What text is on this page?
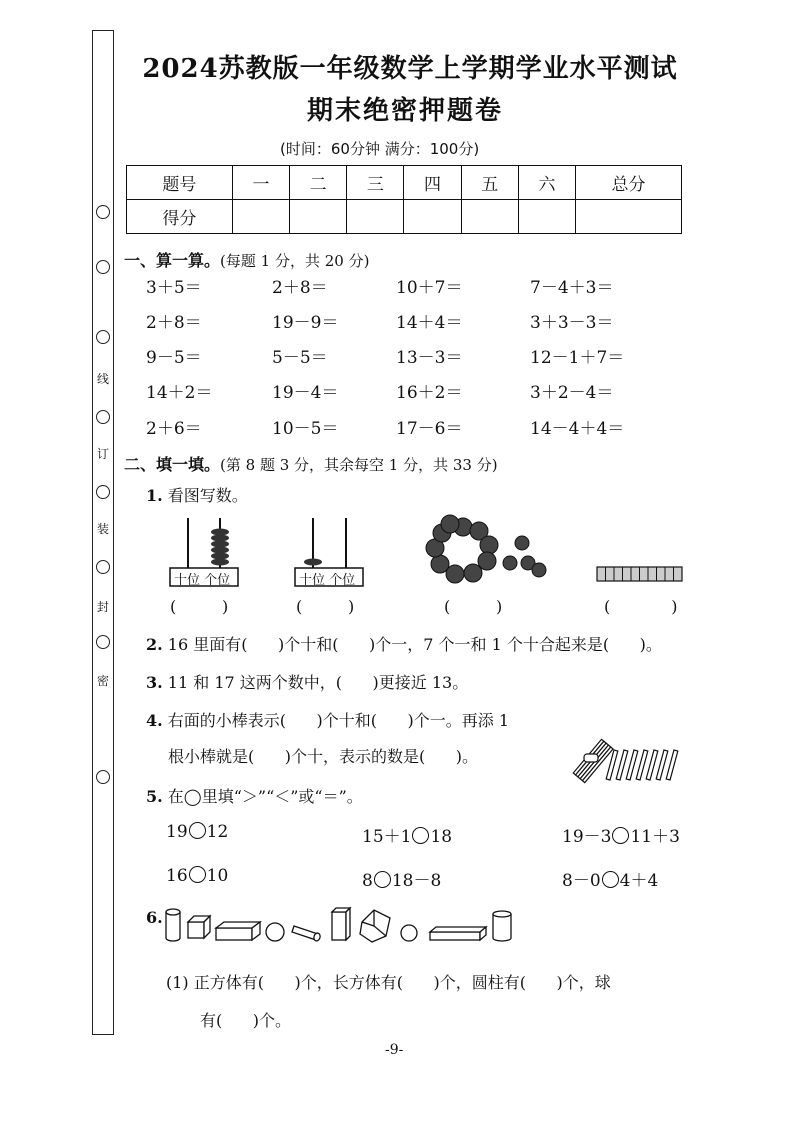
线
订
装
封
密
2024苏教版一年级数学上学期学业水平测试
期末绝密押题卷
(时间：60分钟 满分：100分)
题号	一	二	三	四	五	六	总分
得分							
一、算一算。(每题 1 分，共 20 分)
3＋5＝	2＋8＝	10＋7＝	7－4＋3＝
2＋8＝	19－9＝	14＋4＝	3＋3－3＝
9－5＝	5－5＝	13－3＝	12－1＋7＝
14＋2＝	19－4＝	16＋2＝	3＋2－4＝
2＋6＝	10－5＝	17－6＝	14－4＋4＝
二、填一填。(第 8 题 3 分，其余每空 1 分，共 33 分)
1. 看图写数。
十位 个位	十位 个位
(         )	(         )	(         )	(            )
2. 16 里面有(      )个十和(      )个一，7 个一和 1 个十合起来是(      )。
3. 11 和 17 这两个数中，(      )更接近 13。
4. 右面的小棒表示(      )个十和(      )个一。再添 1
根小棒就是(      )个十，表示的数是(      )。
5. 在◯里填“＞”“＜”或“＝”。
19 12	15＋1 18	19－3 11＋3
16 10	8 18－8	8－0 4＋4
6.
(1) 正方体有(      )个，长方体有(      )个，圆柱有(      )个，球
有(      )个。
-9-
